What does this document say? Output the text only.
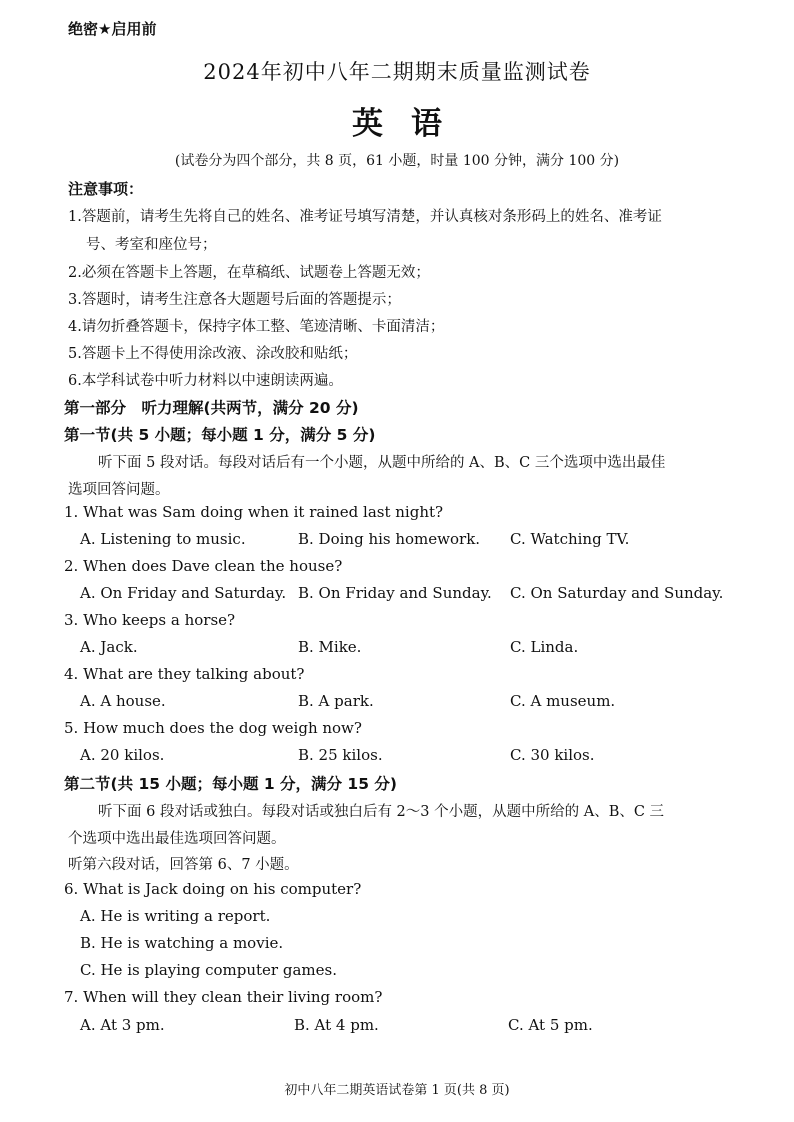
绝密★启用前
2024年初中八年二期期末质量监测试卷
英语
(试卷分为四个部分，共 8 页，61 小题，时量 100 分钟，满分 100 分)
注意事项：
1.答题前，请考生先将自己的姓名、准考证号填写清楚，并认真核对条形码上的姓名、准考证
号、考室和座位号；
2.必须在答题卡上答题，在草稿纸、试题卷上答题无效；
3.答题时，请考生注意各大题题号后面的答题提示；
4.请勿折叠答题卡，保持字体工整、笔迹清晰、卡面清洁；
5.答题卡上不得使用涂改液、涂改胶和贴纸；
6.本学科试卷中听力材料以中速朗读两遍。
第一部分　听力理解(共两节，满分 20 分)
第一节(共 5 小题；每小题 1 分，满分 5 分)
听下面 5 段对话。每段对话后有一个小题，从题中所给的 A、B、C 三个选项中选出最佳
选项回答问题。
1. What was Sam doing when it rained last night?
A. Listening to music.	B. Doing his homework. C. Watching TV.
2. When does Dave clean the house?
A. On Friday and Saturday. B. On Friday and Sunday. C. On Saturday and Sunday.
3. Who keeps a horse?
A. Jack.	B. Mike.	C. Linda.
4. What are they talking about?
A. A house.	B. A park.	C. A museum.
5. How much does the dog weigh now?
A. 20 kilos.	B. 25 kilos.	C. 30 kilos.
第二节(共 15 小题；每小题 1 分，满分 15 分)
听下面 6 段对话或独白。每段对话或独白后有 2～3 个小题，从题中所给的 A、B、C 三
个选项中选出最佳选项回答问题。
听第六段对话，回答第 6、7 小题。
6. What is Jack doing on his computer?
A. He is writing a report.
B. He is watching a movie.
C. He is playing computer games.
7. When will they clean their living room?
A. At 3 pm.	B. At 4 pm.	C. At 5 pm.
初中八年二期英语试卷第 1 页(共 8 页)
